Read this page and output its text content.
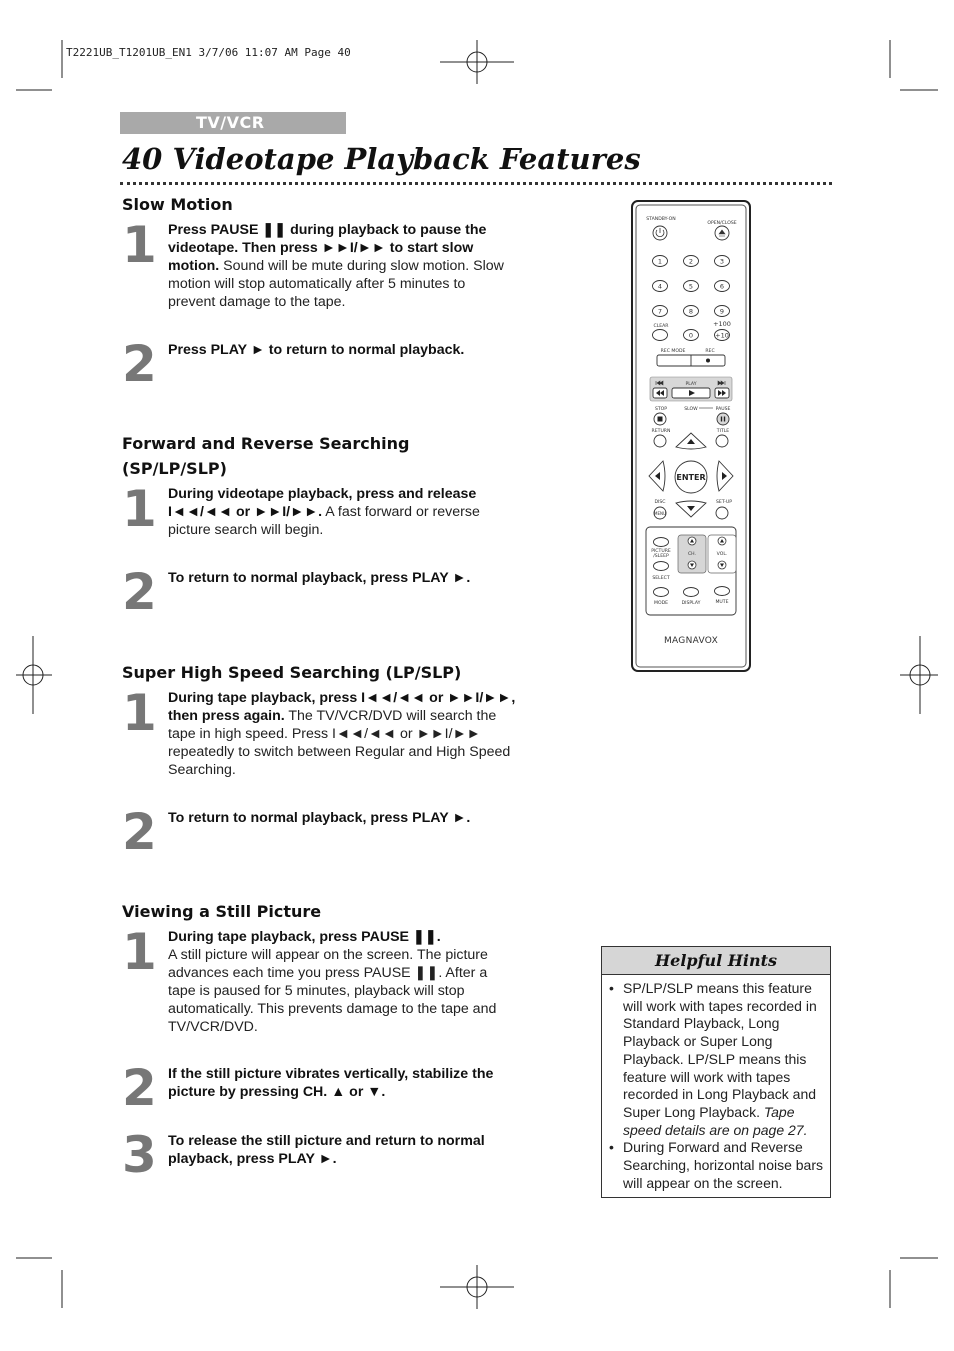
T2221UB_T1201UB_EN1 3/7/06 11:07 AM Page 40
TV/VCR
40 Videotape Playback Features
Slow Motion
1 Press PAUSE ❚❚ during playback to pause the videotape. Then press ►►I/►► to start slow motion. Sound will be mute during slow motion. Slow motion will stop automatically after 5 minutes to prevent damage to the tape.
2 Press PLAY ► to return to normal playback.
Forward and Reverse Searching
(SP/LP/SLP)
1 During videotape playback, press and release I◄◄/◄◄ or ►►I/►►. A fast forward or reverse picture search will begin.
2 To return to normal playback, press PLAY ►.
Super High Speed Searching (LP/SLP)
1 During tape playback, press I◄◄/◄◄ or ►►I/►►, then press again. The TV/VCR/DVD will search the tape in high speed. Press I◄◄/◄◄ or ►►I/►► repeatedly to switch between Regular and High Speed Searching.
2 To return to normal playback, press PLAY ►.
Viewing a Still Picture
1 During tape playback, press PAUSE ❚❚.
A still picture will appear on the screen. The picture advances each time you press PAUSE ❚❚. After a tape is paused for 5 minutes, playback will stop automatically. This prevents damage to the tape and TV/VCR/DVD.
2 If the still picture vibrates vertically, stabilize the picture by pressing CH. ▲ or ▼.
3 To release the still picture and return to normal playback, press PLAY ►.
Helpful Hints
• SP/LP/SLP means this feature will work with tapes recorded in Standard Playback, Long Playback or Super Long Playback. LP/SLP means this feature will work with tapes recorded in Long Playback and Super Long Playback. Tape speed details are on page 27.
• During Forward and Reverse Searching, horizontal noise bars will appear on the screen.
STANDBY-ON
OPEN/CLOSE
1	2	3
4	5	6
7	8	9
CLEAR	+100
0	+10
REC MODE	REC
PLAY
STOP	SLOW	PAUSE
RETURN	TITLE
ENTER
DISC	SET-UP
MENU
CH.	VOL.
PICTURE
/SLEEP
SELECT
MODE	DISPLAY	MUTE
MAGNAVOX
